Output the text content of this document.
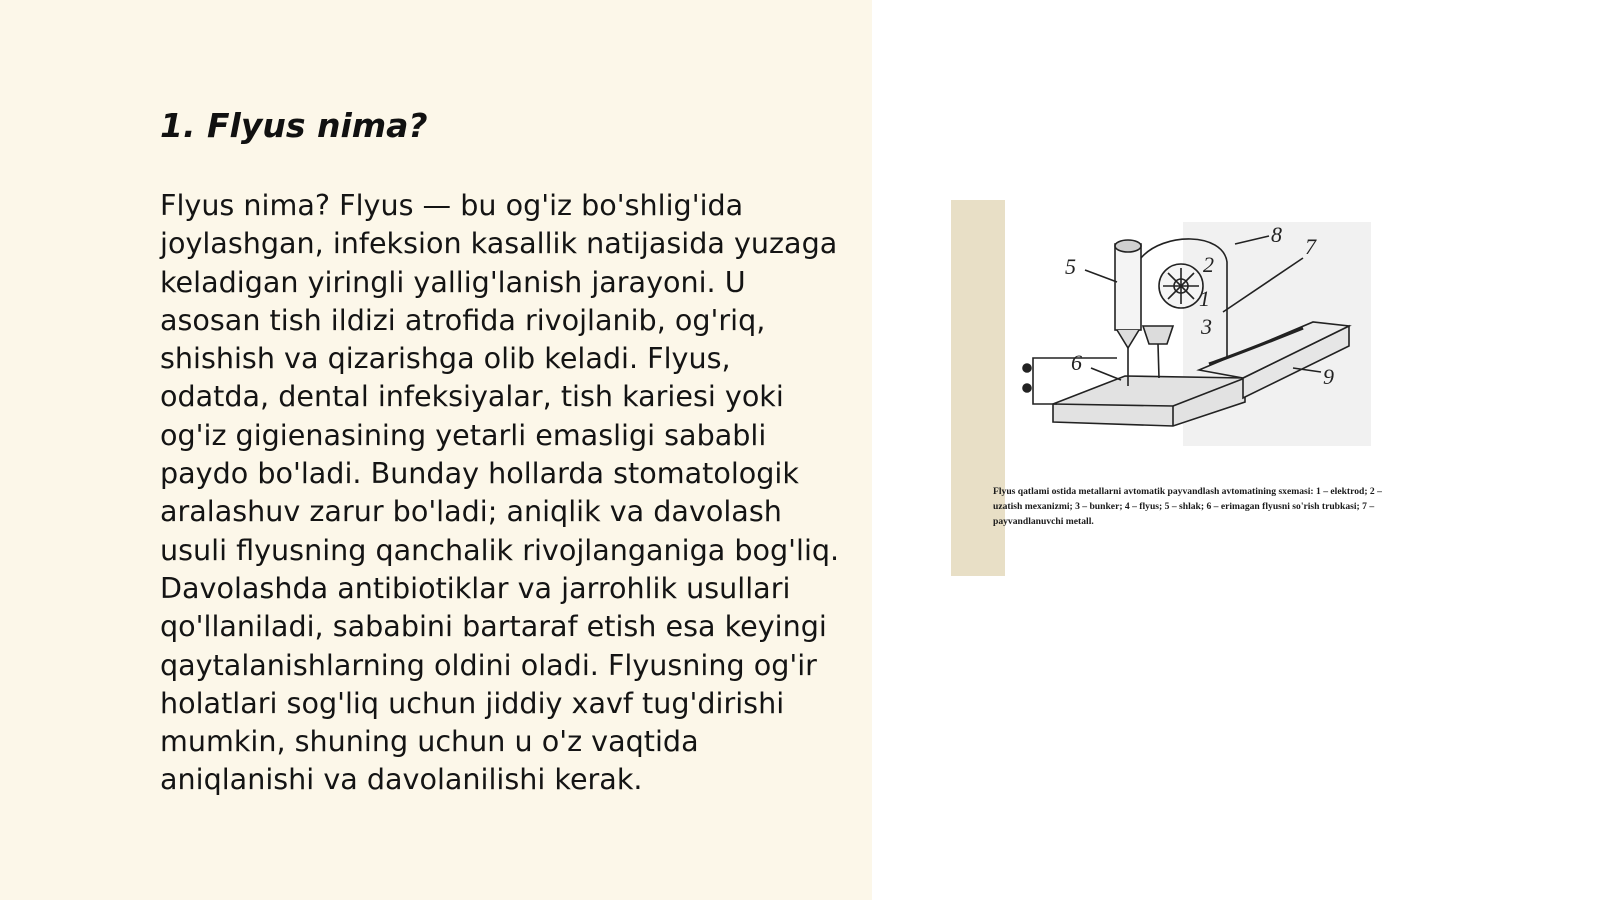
1. Flyus nima?

Flyus nima? Flyus — bu og'iz bo'shlig'ida joylashgan, infeksion kasallik natijasida yuzaga keladigan yiringli yallig'lanish jarayoni. U asosan tish ildizi atrofida rivojlanib, og'riq, shishish va qizarishga olib keladi. Flyus, odatda, dental infeksiyalar, tish kariesi yoki og'iz gigienasining yetarli emasligi sababli paydo bo'ladi. Bunday hollarda stomatologik aralashuv zarur bo'ladi; aniqlik va davolash usuli flyusning qanchalik rivojlanganiga bog'liq. Davolashda antibiotiklar va jarrohlik usullari qo'llaniladi, sababini bartaraf etish esa keyingi qaytalanishlarning oldini oladi. Flyusning og'ir holatlari sog'liq uchun jiddiy xavf tug'dirishi mumkin, shuning uchun u o'z vaqtida aniqlanishi va davolanilishi kerak.

1
2
3
5
6
7
8
9

Flyus qatlami ostida metallarni avtomatik payvandlash avtomatining sxemasi: 1 – elektrod; 2 – uzatish mexanizmi; 3 – bunker; 4 – flyus; 5 – shlak; 6 – erimagan flyusni so'rish trubkasi; 7 – payvandlanuvchi metall.
